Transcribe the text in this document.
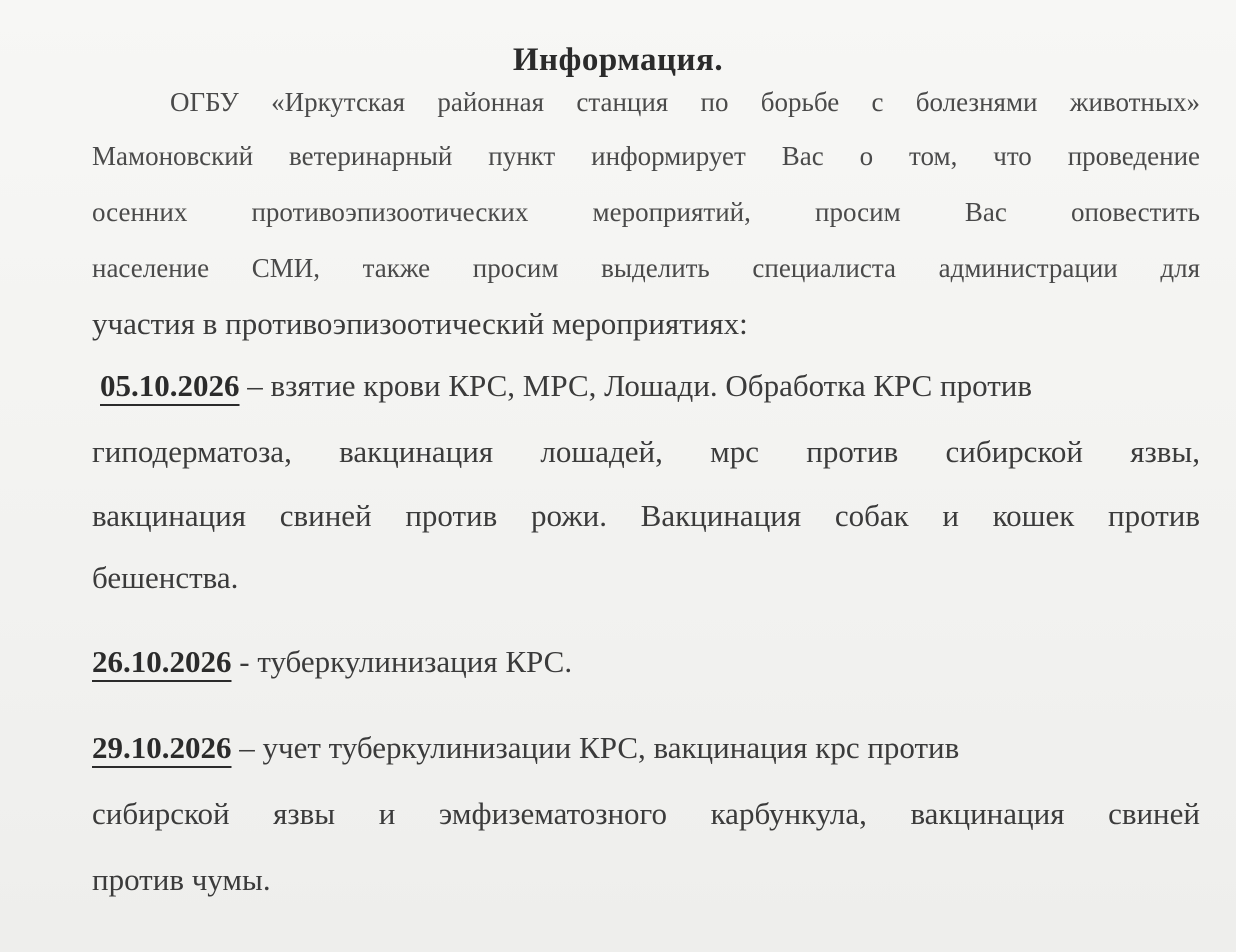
Информация.
ОГБУ «Иркутская районная станция по борьбе с болезнями животных»
Мамоновский ветеринарный пункт информирует Вас о том, что проведение
осенних противоэпизоотических мероприятий, просим Вас оповестить
население СМИ, также просим выделить специалиста администрации для
участия в противоэпизоотический мероприятиях:
05.10.2026 – взятие крови КРС, МРС, Лошади. Обработка КРС против
гиподерматоза, вакцинация лошадей, мрс против сибирской язвы,
вакцинация свиней против рожи. Вакцинация собак и кошек против
бешенства.
26.10.2026 - туберкулинизация КРС.
29.10.2026 – учет туберкулинизации КРС, вакцинация крс против
сибирской язвы и эмфизематозного карбункула, вакцинация свиней
против чумы.
